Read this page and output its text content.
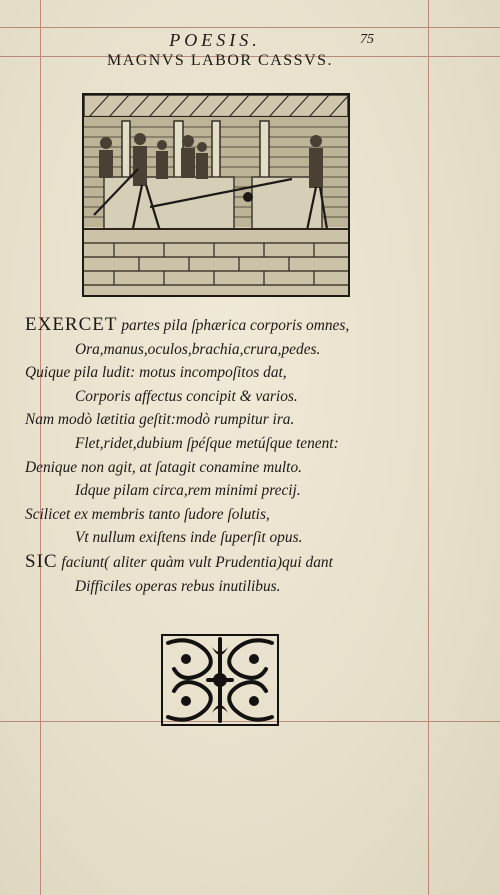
POESIS.	75
MAGNVS LABOR CASSVS.
EXERCET partes pila ſphærica corporis omnes,
Ora,manus,oculos,brachia,crura,pedes.
Quique pila ludit: motus incompoſitos dat,
Corporis affectus concipit & varios.
Nam modò lætitia geſtit:modò rumpitur ira.
Flet,ridet,dubium ſpéſque metúſque tenent:
Denique non agit, at ſatagit conamine multo.
Idque pilam circa,rem minimi precij.
Scilicet ex membris tanto ſudore ſolutis,
Vt nullum exiſtens inde ſuperſit opus.
SIC faciunt( aliter quàm vult Prudentia)qui dant
Difficiles operas rebus inutilibus.
